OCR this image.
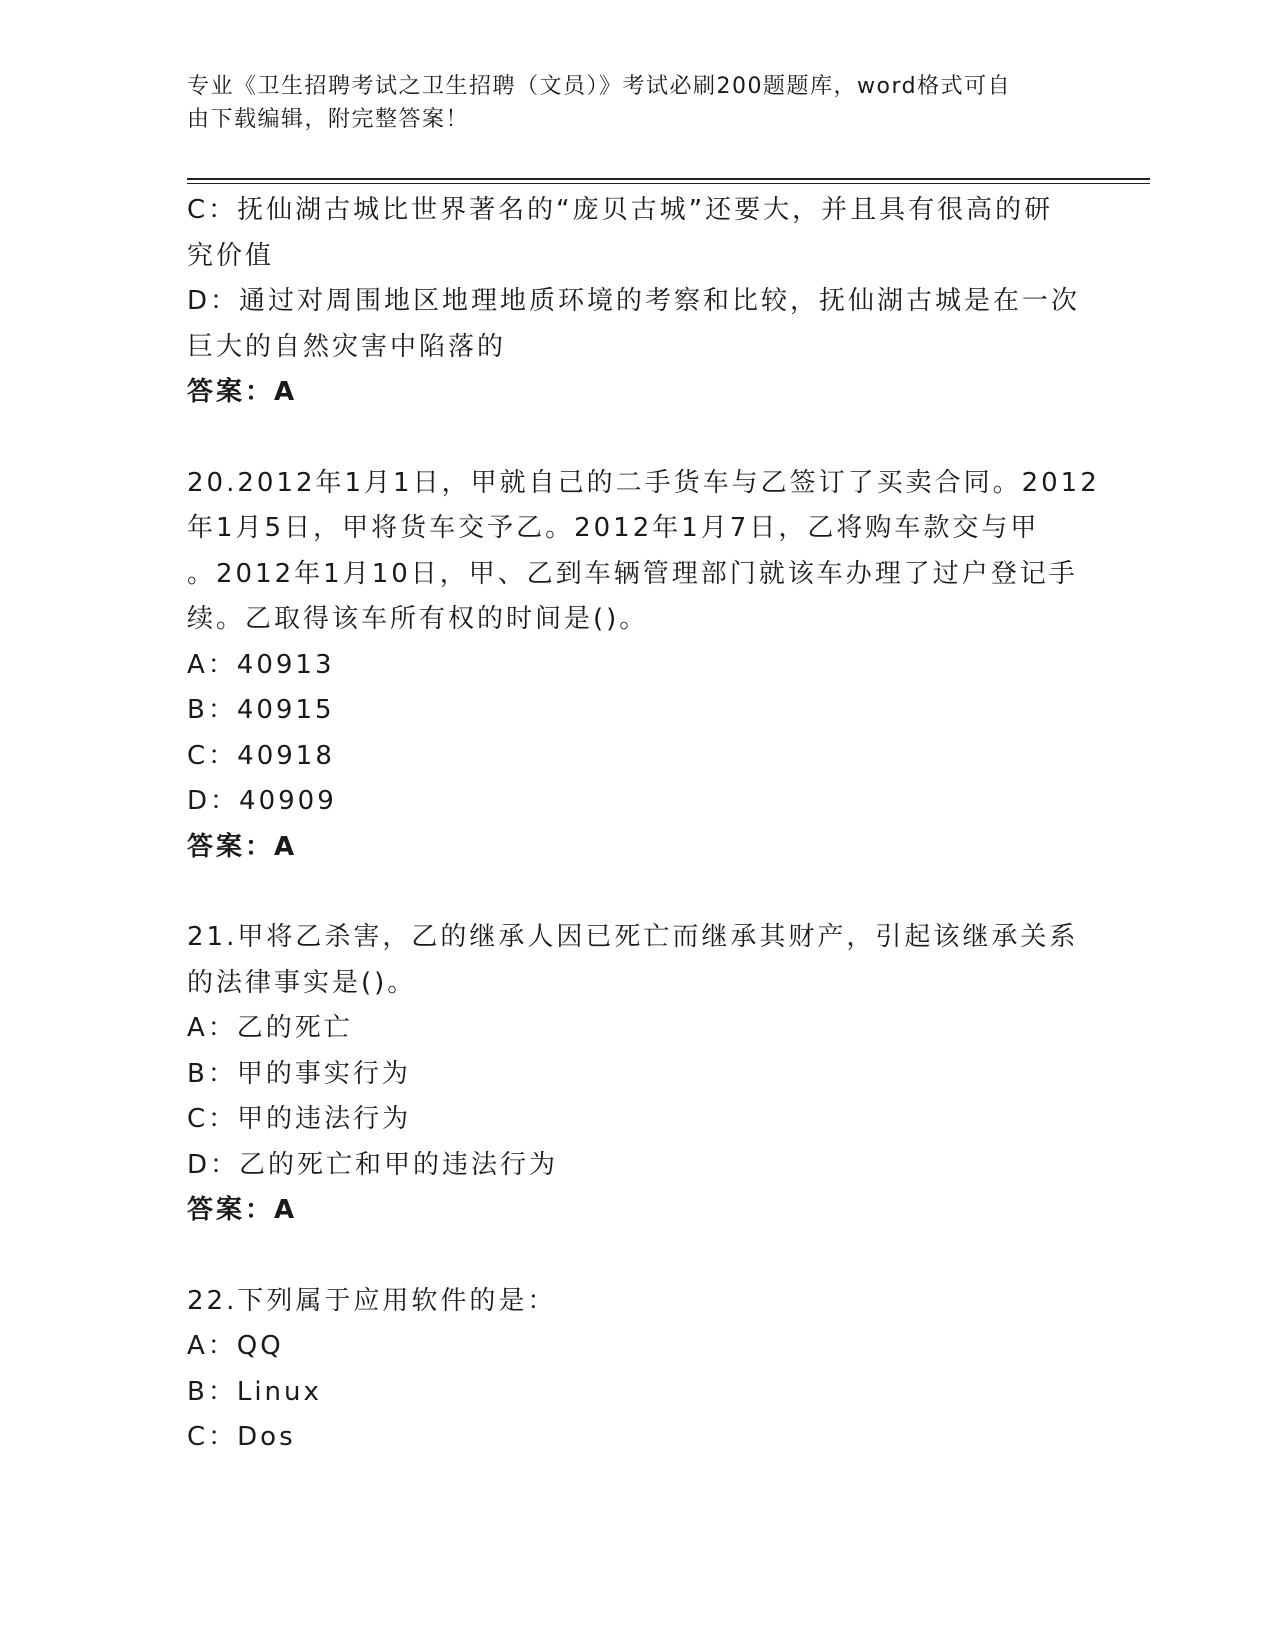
专业《卫生招聘考试之卫生招聘（文员）》考试必刷200题题库，word格式可自
由下载编辑，附完整答案！
C：抚仙湖古城比世界著名的“庞贝古城”还要大，并且具有很高的研
究价值
D：通过对周围地区地理地质环境的考察和比较，抚仙湖古城是在一次
巨大的自然灾害中陷落的
答案：A
20.2012年1月1日，甲就自己的二手货车与乙签订了买卖合同。2012
年1月5日，甲将货车交予乙。2012年1月7日，乙将购车款交与甲
。2012年1月10日，甲、乙到车辆管理部门就该车办理了过户登记手
续。乙取得该车所有权的时间是()。
A：40913
B：40915
C：40918
D：40909
答案：A
21.甲将乙杀害，乙的继承人因已死亡而继承其财产，引起该继承关系
的法律事实是()。
A：乙的死亡
B：甲的事实行为
C：甲的违法行为
D：乙的死亡和甲的违法行为
答案：A
22.下列属于应用软件的是：
A：QQ
B：Linux
C：Dos
